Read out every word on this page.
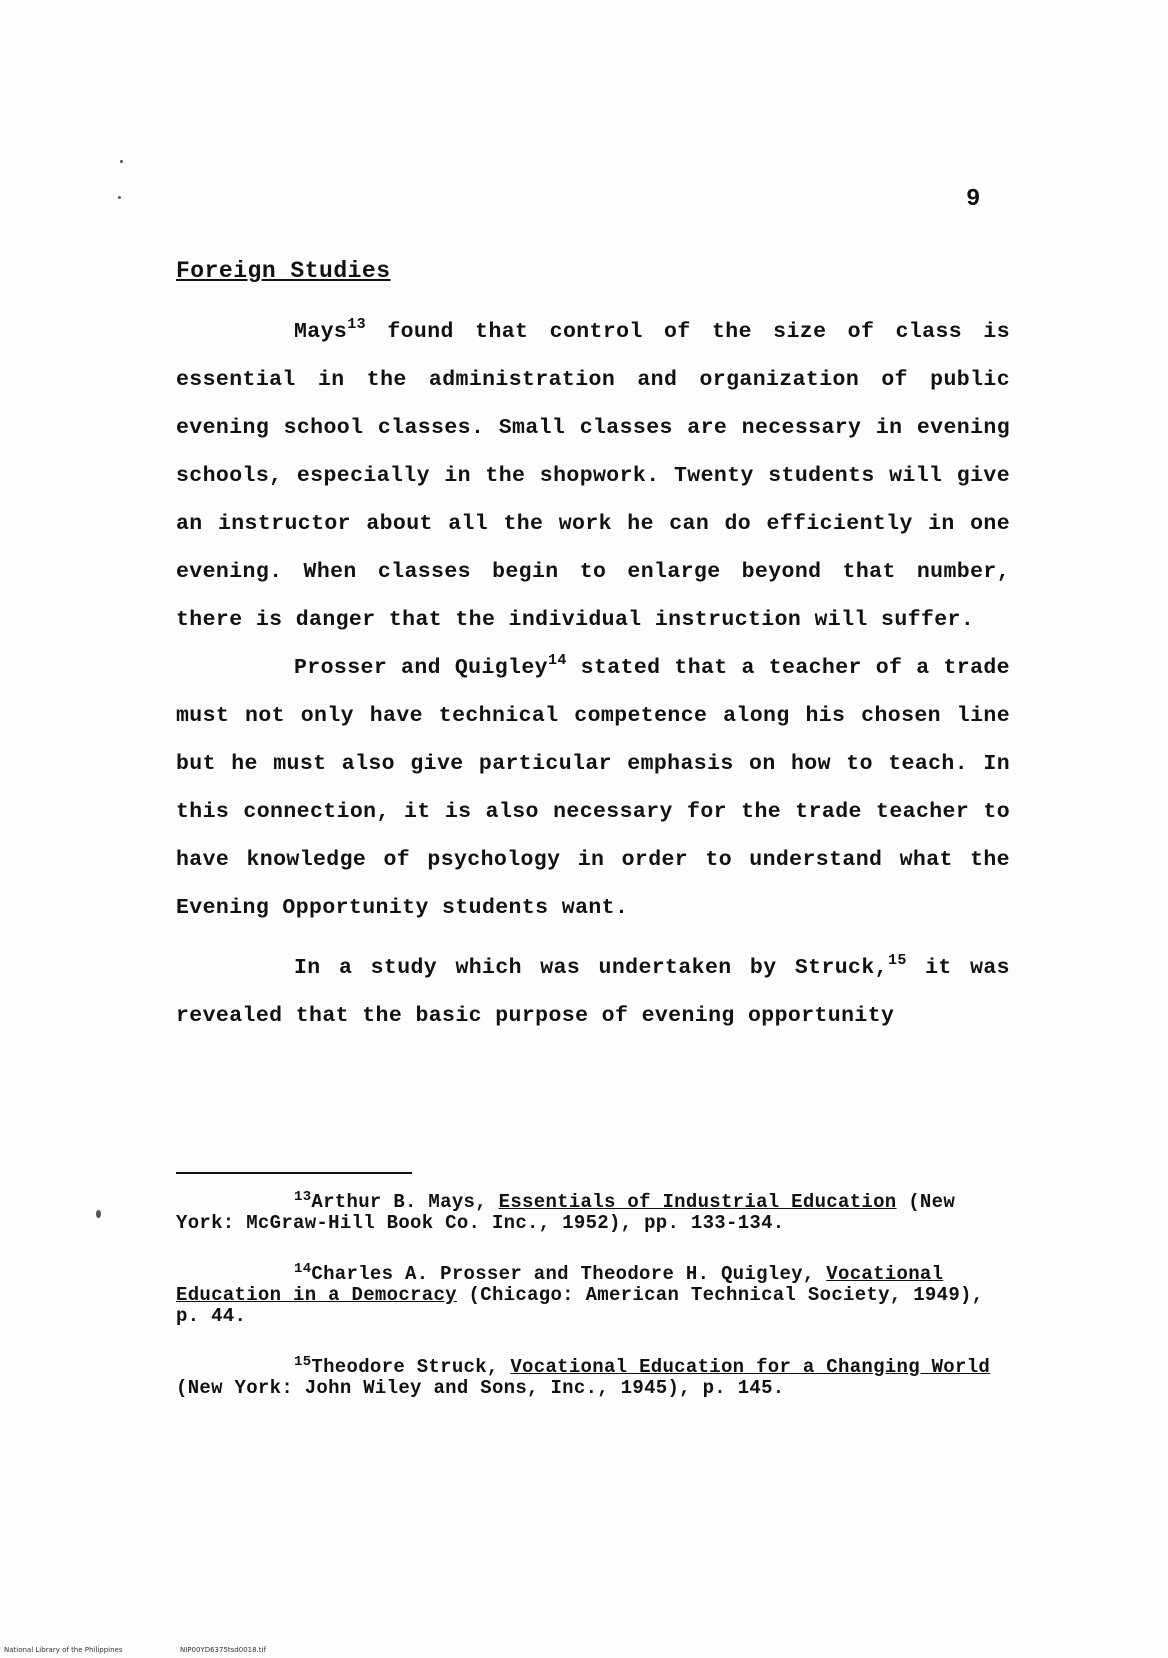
9
Foreign Studies

Mays$^{13}$ found that control of the size of class is essential in the administration and organization of public evening school classes. Small classes are necessary in evening schools, especially in the shopwork. Twenty students will give an instructor about all the work he can do efficiently in one evening. When classes begin to enlarge beyond that number, there is danger that the individual instruction will suffer.

Prosser and Quigley$^{14}$ stated that a teacher of a trade must not only have technical competence along his chosen line but he must also give particular emphasis on how to teach. In this connection, it is also necessary for the trade teacher to have knowledge of psychology in order to understand what the Evening Opportunity students want.

In a study which was undertaken by Struck,$^{15}$ it was revealed that the basic purpose of evening opportunity

$^{13}$Arthur B. Mays, Essentials of Industrial Education (New York: McGraw-Hill Book Co. Inc., 1952), pp. 133-134.

$^{14}$Charles A. Prosser and Theodore H. Quigley, Vocational Education in a Democracy (Chicago: American Technical Society, 1949), p. 44.

$^{15}$Theodore Struck, Vocational Education for a Changing World (New York: John Wiley and Sons, Inc., 1945), p. 145.

National Library of the Philippines	NIP00YD6375tsd0018.tif
